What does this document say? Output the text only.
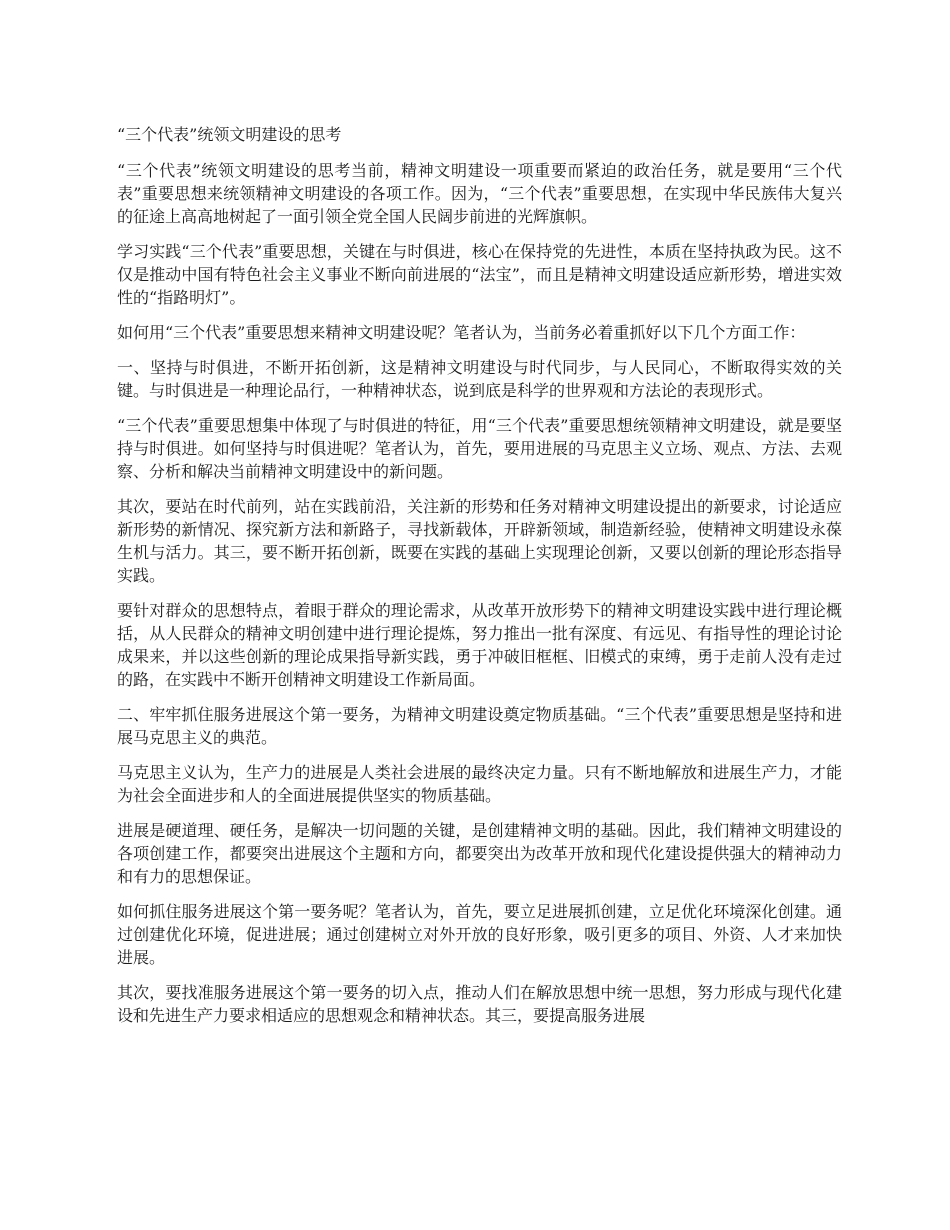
“三个代表”统领文明建设的思考

“三个代表”统领文明建设的思考当前，精神文明建设一项重要而紧迫的政治任务，就是要用“三个代表”重要思想来统领精神文明建设的各项工作。因为，“三个代表”重要思想，在实现中华民族伟大复兴的征途上高高地树起了一面引领全党全国人民阔步前进的光辉旗帜。

学习实践“三个代表”重要思想，关键在与时俱进，核心在保持党的先进性，本质在坚持执政为民。这不仅是推动中国有特色社会主义事业不断向前进展的“法宝”，而且是精神文明建设适应新形势，增进实效性的“指路明灯”。

如何用“三个代表”重要思想来精神文明建设呢？笔者认为，当前务必着重抓好以下几个方面工作：

一、坚持与时俱进，不断开拓创新，这是精神文明建设与时代同步，与人民同心，不断取得实效的关键。与时俱进是一种理论品行，一种精神状态，说到底是科学的世界观和方法论的表现形式。

“三个代表”重要思想集中体现了与时俱进的特征，用“三个代表”重要思想统领精神文明建设，就是要坚持与时俱进。如何坚持与时俱进呢？笔者认为，首先，要用进展的马克思主义立场、观点、方法、去观察、分析和解决当前精神文明建设中的新问题。

其次，要站在时代前列，站在实践前沿，关注新的形势和任务对精神文明建设提出的新要求，讨论适应新形势的新情况、探究新方法和新路子，寻找新载体，开辟新领域，制造新经验，使精神文明建设永葆生机与活力。其三，要不断开拓创新，既要在实践的基础上实现理论创新，又要以创新的理论形态指导实践。

要针对群众的思想特点，着眼于群众的理论需求，从改革开放形势下的精神文明建设实践中进行理论概括，从人民群众的精神文明创建中进行理论提炼，努力推出一批有深度、有远见、有指导性的理论讨论成果来，并以这些创新的理论成果指导新实践，勇于冲破旧框框、旧模式的束缚，勇于走前人没有走过的路，在实践中不断开创精神文明建设工作新局面。

二、牢牢抓住服务进展这个第一要务，为精神文明建设奠定物质基础。“三个代表”重要思想是坚持和进展马克思主义的典范。

马克思主义认为，生产力的进展是人类社会进展的最终决定力量。只有不断地解放和进展生产力，才能为社会全面进步和人的全面进展提供坚实的物质基础。

进展是硬道理、硬任务，是解决一切问题的关键，是创建精神文明的基础。因此，我们精神文明建设的各项创建工作，都要突出进展这个主题和方向，都要突出为改革开放和现代化建设提供强大的精神动力和有力的思想保证。

如何抓住服务进展这个第一要务呢？笔者认为，首先，要立足进展抓创建，立足优化环境深化创建。通过创建优化环境，促进进展；通过创建树立对外开放的良好形象，吸引更多的项目、外资、人才来加快进展。

其次，要找准服务进展这个第一要务的切入点，推动人们在解放思想中统一思想，努力形成与现代化建设和先进生产力要求相适应的思想观念和精神状态。其三，要提高服务进展
